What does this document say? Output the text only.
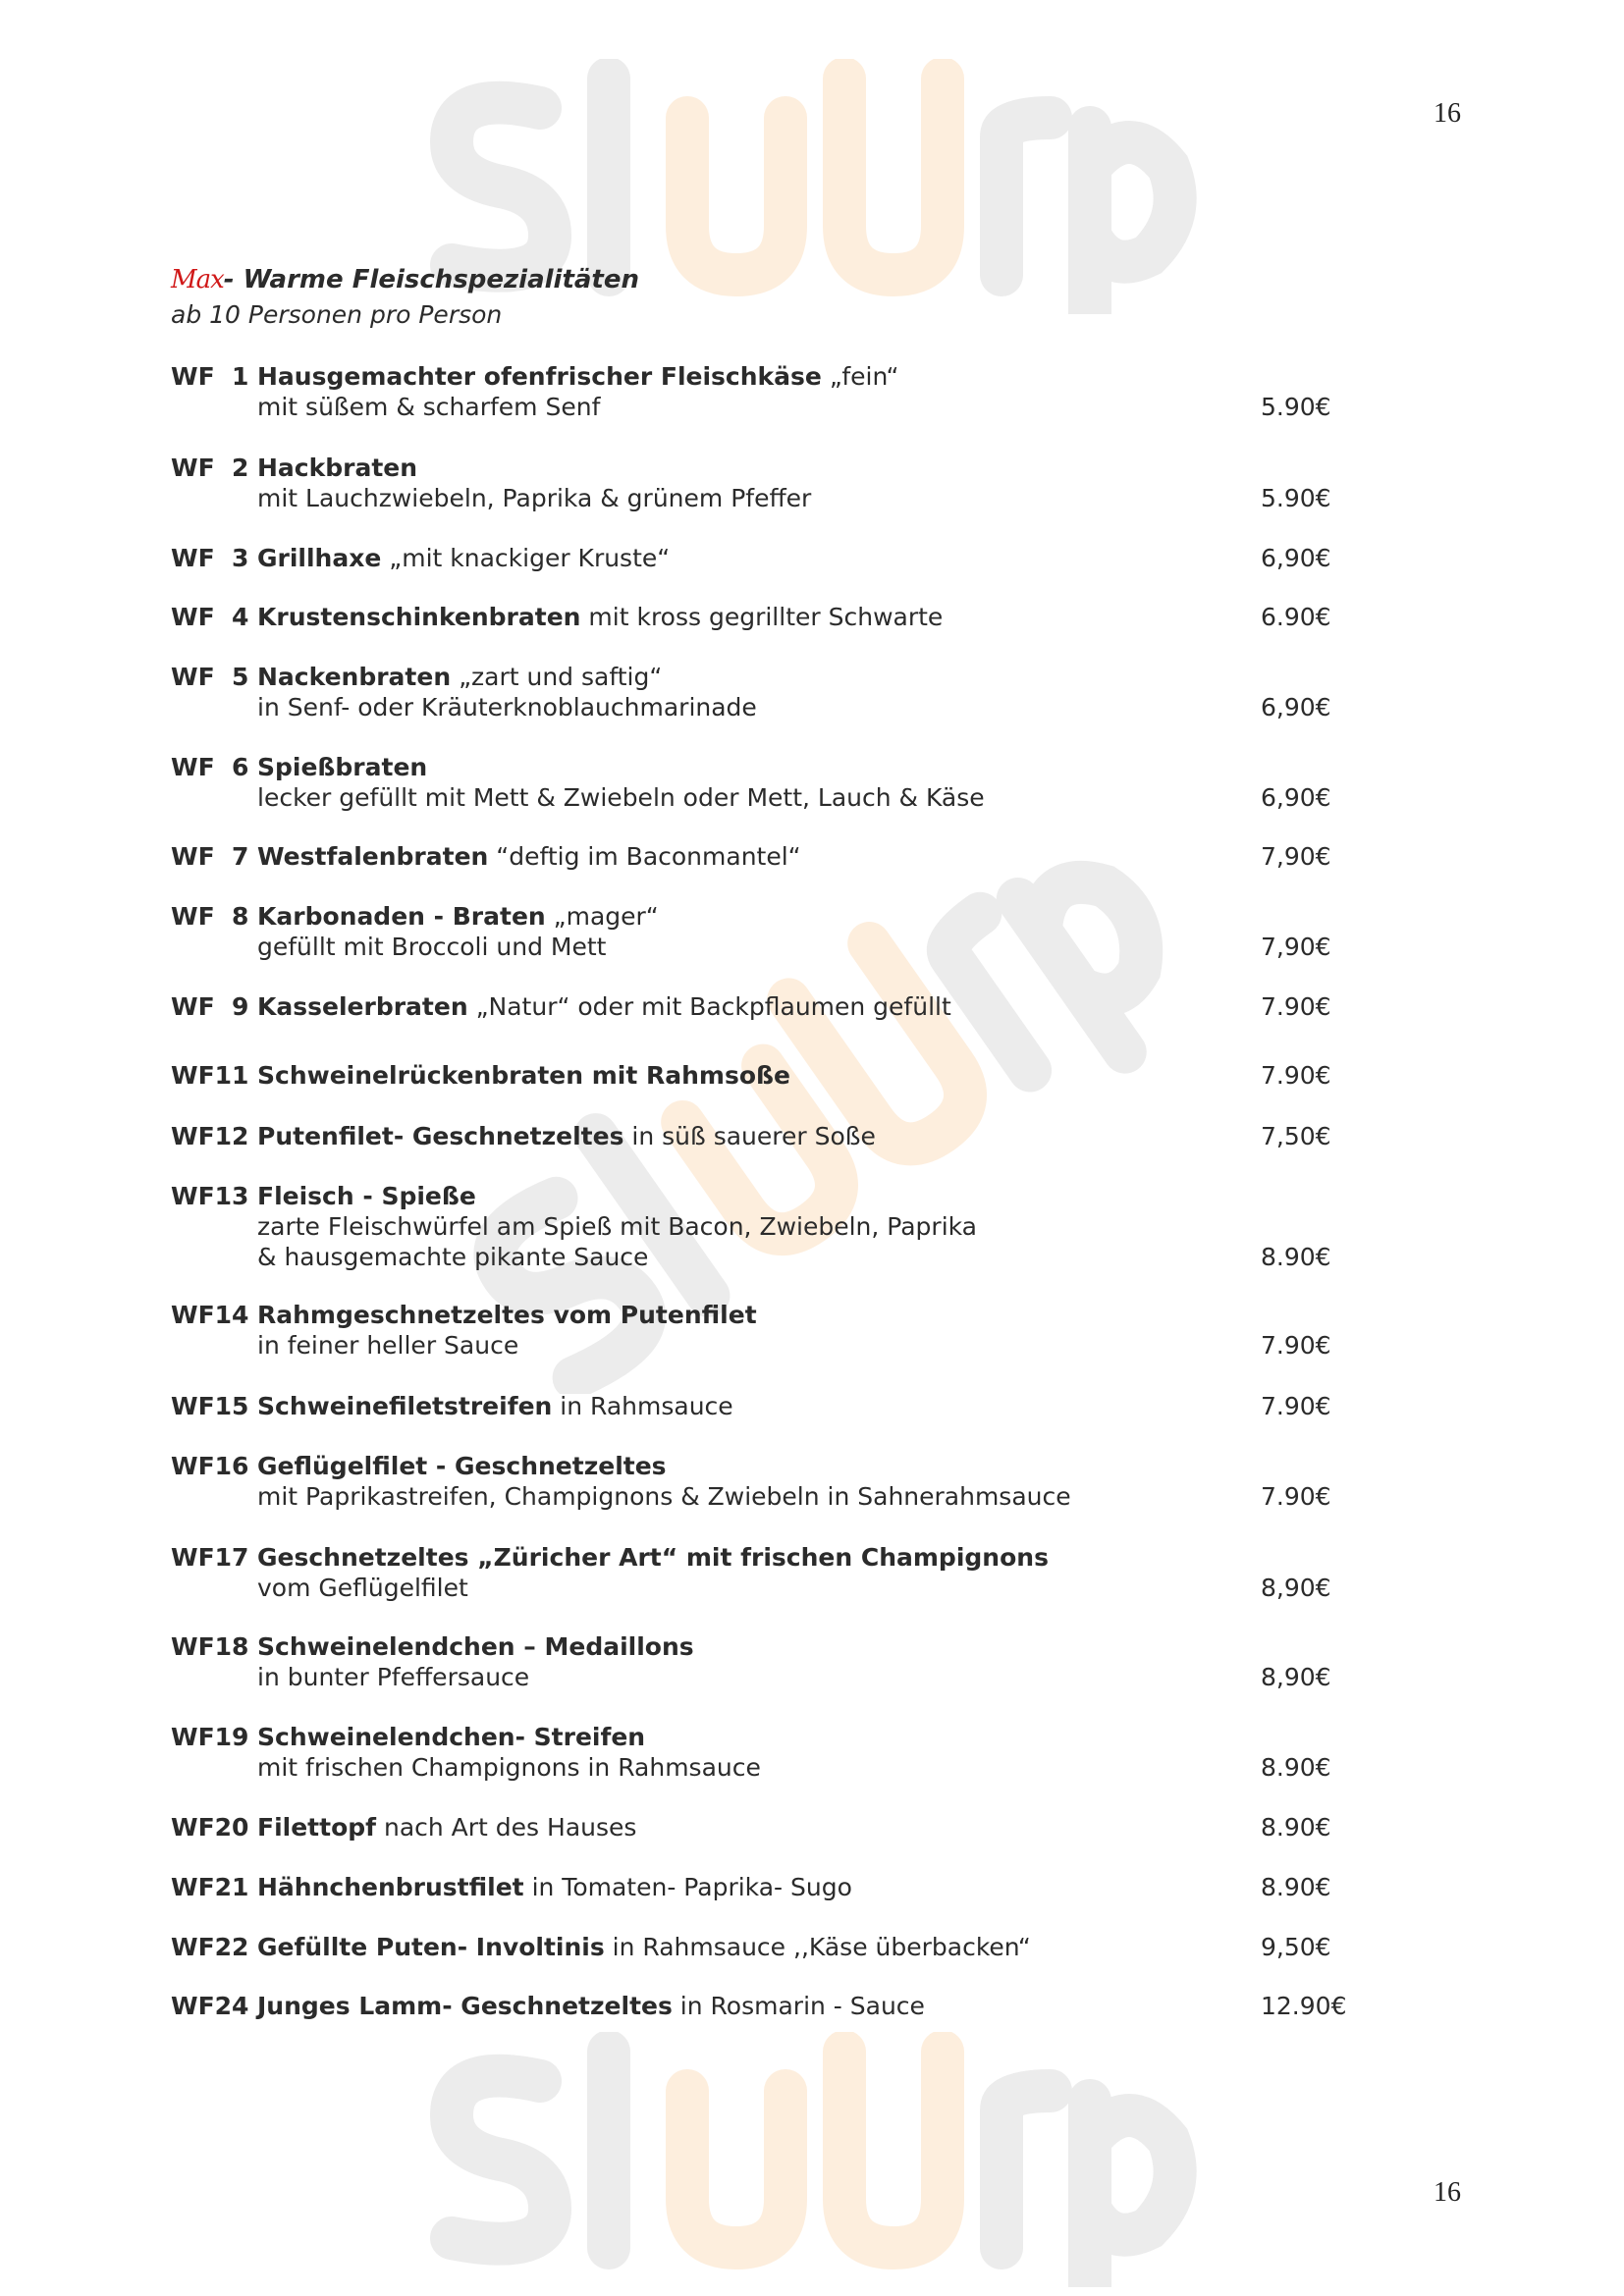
16
16
Max- Warme Fleischspezialitäten
ab 10 Personen pro Person
WF  1 Hausgemachter ofenfrischer Fleischkäse „fein“
mit süßem & scharfem Senf	5.90€
WF  2 Hackbraten
mit Lauchzwiebeln, Paprika & grünem Pfeffer	5.90€
WF  3 Grillhaxe „mit knackiger Kruste“	6,90€
WF  4 Krustenschinkenbraten mit kross gegrillter Schwarte	6.90€
WF  5 Nackenbraten „zart und saftig“
in Senf- oder Kräuterknoblauchmarinade	6,90€
WF  6 Spießbraten
lecker gefüllt mit Mett & Zwiebeln oder Mett, Lauch & Käse	6,90€
WF  7 Westfalenbraten “deftig im Baconmantel“	7,90€
WF  8 Karbonaden - Braten „mager“
gefüllt mit Broccoli und Mett	7,90€
WF  9 Kasselerbraten „Natur“ oder mit Backpflaumen gefüllt	7.90€
WF11 Schweinelrückenbraten mit Rahmsoße	7.90€
WF12 Putenfilet- Geschnetzeltes in süß sauerer Soße	7,50€
WF13 Fleisch - Spieße
zarte Fleischwürfel am Spieß mit Bacon, Zwiebeln, Paprika
& hausgemachte pikante Sauce	8.90€
WF14 Rahmgeschnetzeltes vom Putenfilet
in feiner heller Sauce	7.90€
WF15 Schweinefiletstreifen in Rahmsauce	7.90€
WF16 Geflügelfilet - Geschnetzeltes
mit Paprikastreifen, Champignons & Zwiebeln in Sahnerahmsauce	7.90€
WF17 Geschnetzeltes „Züricher Art“ mit frischen Champignons
vom Geflügelfilet	8,90€
WF18 Schweinelendchen – Medaillons
in bunter Pfeffersauce	8,90€
WF19 Schweinelendchen- Streifen
mit frischen Champignons in Rahmsauce	8.90€
WF20 Filettopf nach Art des Hauses	8.90€
WF21 Hähnchenbrustfilet in Tomaten- Paprika- Sugo	8.90€
WF22 Gefüllte Puten- Involtinis in Rahmsauce ,,Käse überbacken“	9,50€
WF24 Junges Lamm- Geschnetzeltes in Rosmarin - Sauce	12.90€
